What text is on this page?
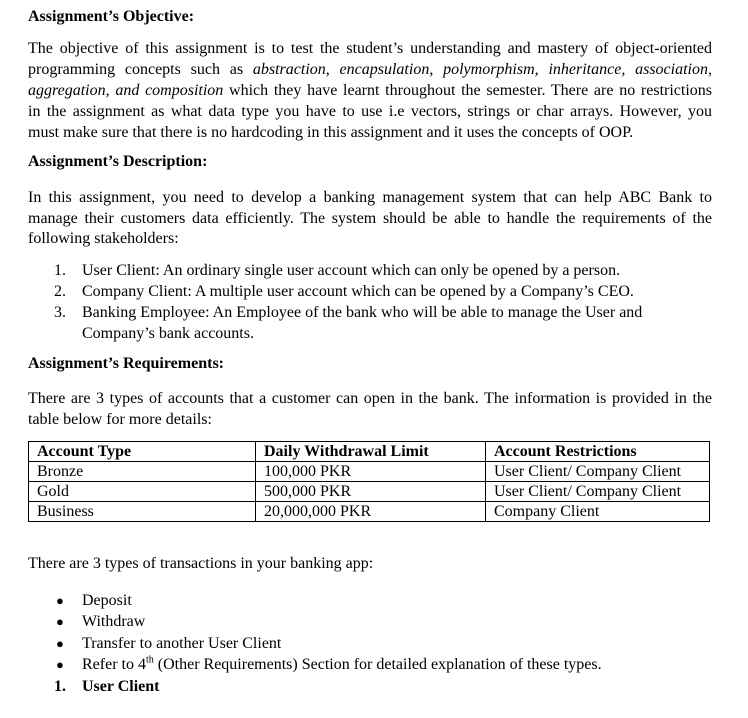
Assignment’s Objective:
The objective of this assignment is to test the student’s understanding and mastery of object-oriented
programming concepts such as abstraction, encapsulation, polymorphism, inheritance, association,
aggregation, and composition which they have learnt throughout the semester. There are no restrictions
in the assignment as what data type you have to use i.e vectors, strings or char arrays. However, you
must make sure that there is no hardcoding in this assignment and it uses the concepts of OOP.
Assignment’s Description:
In this assignment, you need to develop a banking management system that can help ABC Bank to
manage their customers data efficiently. The system should be able to handle the requirements of the
following stakeholders:
1. User Client: An ordinary single user account which can only be opened by a person.
2. Company Client: A multiple user account which can be opened by a Company’s CEO.
3. Banking Employee: An Employee of the bank who will be able to manage the User and
Company’s bank accounts.
Assignment’s Requirements:
There are 3 types of accounts that a customer can open in the bank. The information is provided in the
table below for more details:
Account Type	Daily Withdrawal Limit	Account Restrictions
Bronze	100,000 PKR	User Client/ Company Client
Gold	500,000 PKR	User Client/ Company Client
Business	20,000,000 PKR	Company Client
There are 3 types of transactions in your banking app:
● Deposit
● Withdraw
● Transfer to another User Client
● Refer to 4th (Other Requirements) Section for detailed explanation of these types.
1. User Client
